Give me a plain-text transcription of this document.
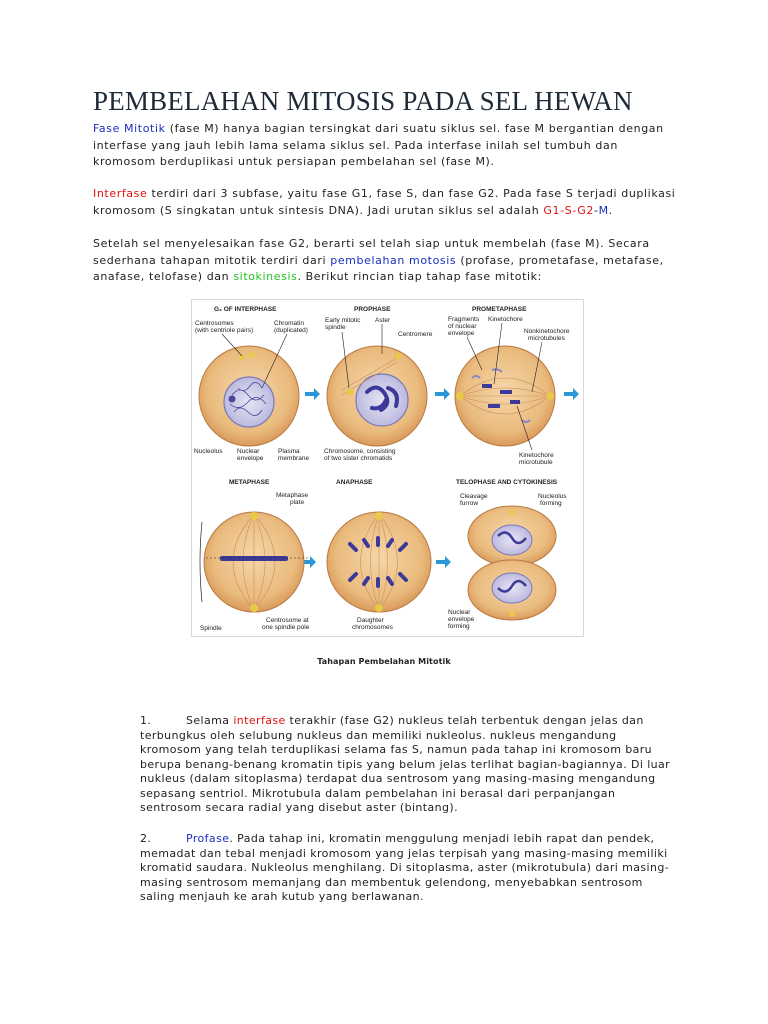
PEMBELAHAN MITOSIS PADA SEL HEWAN

Fase Mitotik (fase M) hanya bagian tersingkat dari suatu siklus sel. fase M bergantian dengan interfase yang jauh lebih lama selama siklus sel. Pada interfase inilah sel tumbuh dan kromosom berduplikasi untuk persiapan pembelahan sel (fase M).

Interfase terdiri dari 3 subfase, yaitu fase G1, fase S, dan fase G2. Pada fase S terjadi duplikasi kromosom (S singkatan untuk sintesis DNA). Jadi urutan siklus sel adalah G1-S-G2-M.

Setelah sel menyelesaikan fase G2, berarti sel telah siap untuk membelah (fase M). Secara sederhana tahapan mitotik terdiri dari pembelahan motosis (profase, prometafase, metafase, anafase, telofase) dan sitokinesis. Berikut rincian tiap tahap fase mitotik:

G₂ OF INTERPHASE	PROPHASE	PROMETAPHASE
METAPHASE	ANAPHASE	TELOPHASE AND CYTOKINESIS
Centrosomes
(with centriole pairs)
Chromatin
(duplicated)
Nucleolus Nuclear
envelope
Plasma
membrane
Early mitotic
spindle
Aster
Centromere
Chromosome, consisting
of two sister chromatids
Fragments
of nuclear
envelope
Kinetochore
Nonkinetochore
microtubules
Kinetochore
microtubule
Metaphase
plate
Spindle
Centrosome at
one spindle pole
Daughter
chromosomes
Cleavage
furrow
Nucleolus
forming
Nuclear
envelope
forming
Tahapan Pembelahan Mitotik

1.	Selama interfase terakhir (fase G2) nukleus telah terbentuk dengan jelas dan terbungkus oleh selubung nukleus dan memiliki nukleolus. nukleus mengandung kromosom yang telah terduplikasi selama fas S, namun pada tahap ini kromosom baru berupa benang-benang kromatin tipis yang belum jelas terlihat bagian-bagiannya. Di luar nukleus (dalam sitoplasma) terdapat dua sentrosom yang masing-masing mengandung sepasang sentriol. Mikrotubula dalam pembelahan ini berasal dari perpanjangan sentrosom secara radial yang disebut aster (bintang).

2.	Profase. Pada tahap ini, kromatin menggulung menjadi lebih rapat dan pendek, memadat dan tebal menjadi kromosom yang jelas terpisah yang masing-masing memiliki kromatid saudara. Nukleolus menghilang. Di sitoplasma, aster (mikrotubula) dari masing-masing sentrosom memanjang dan membentuk gelendong, menyebabkan sentrosom saling menjauh ke arah kutub yang berlawanan.
